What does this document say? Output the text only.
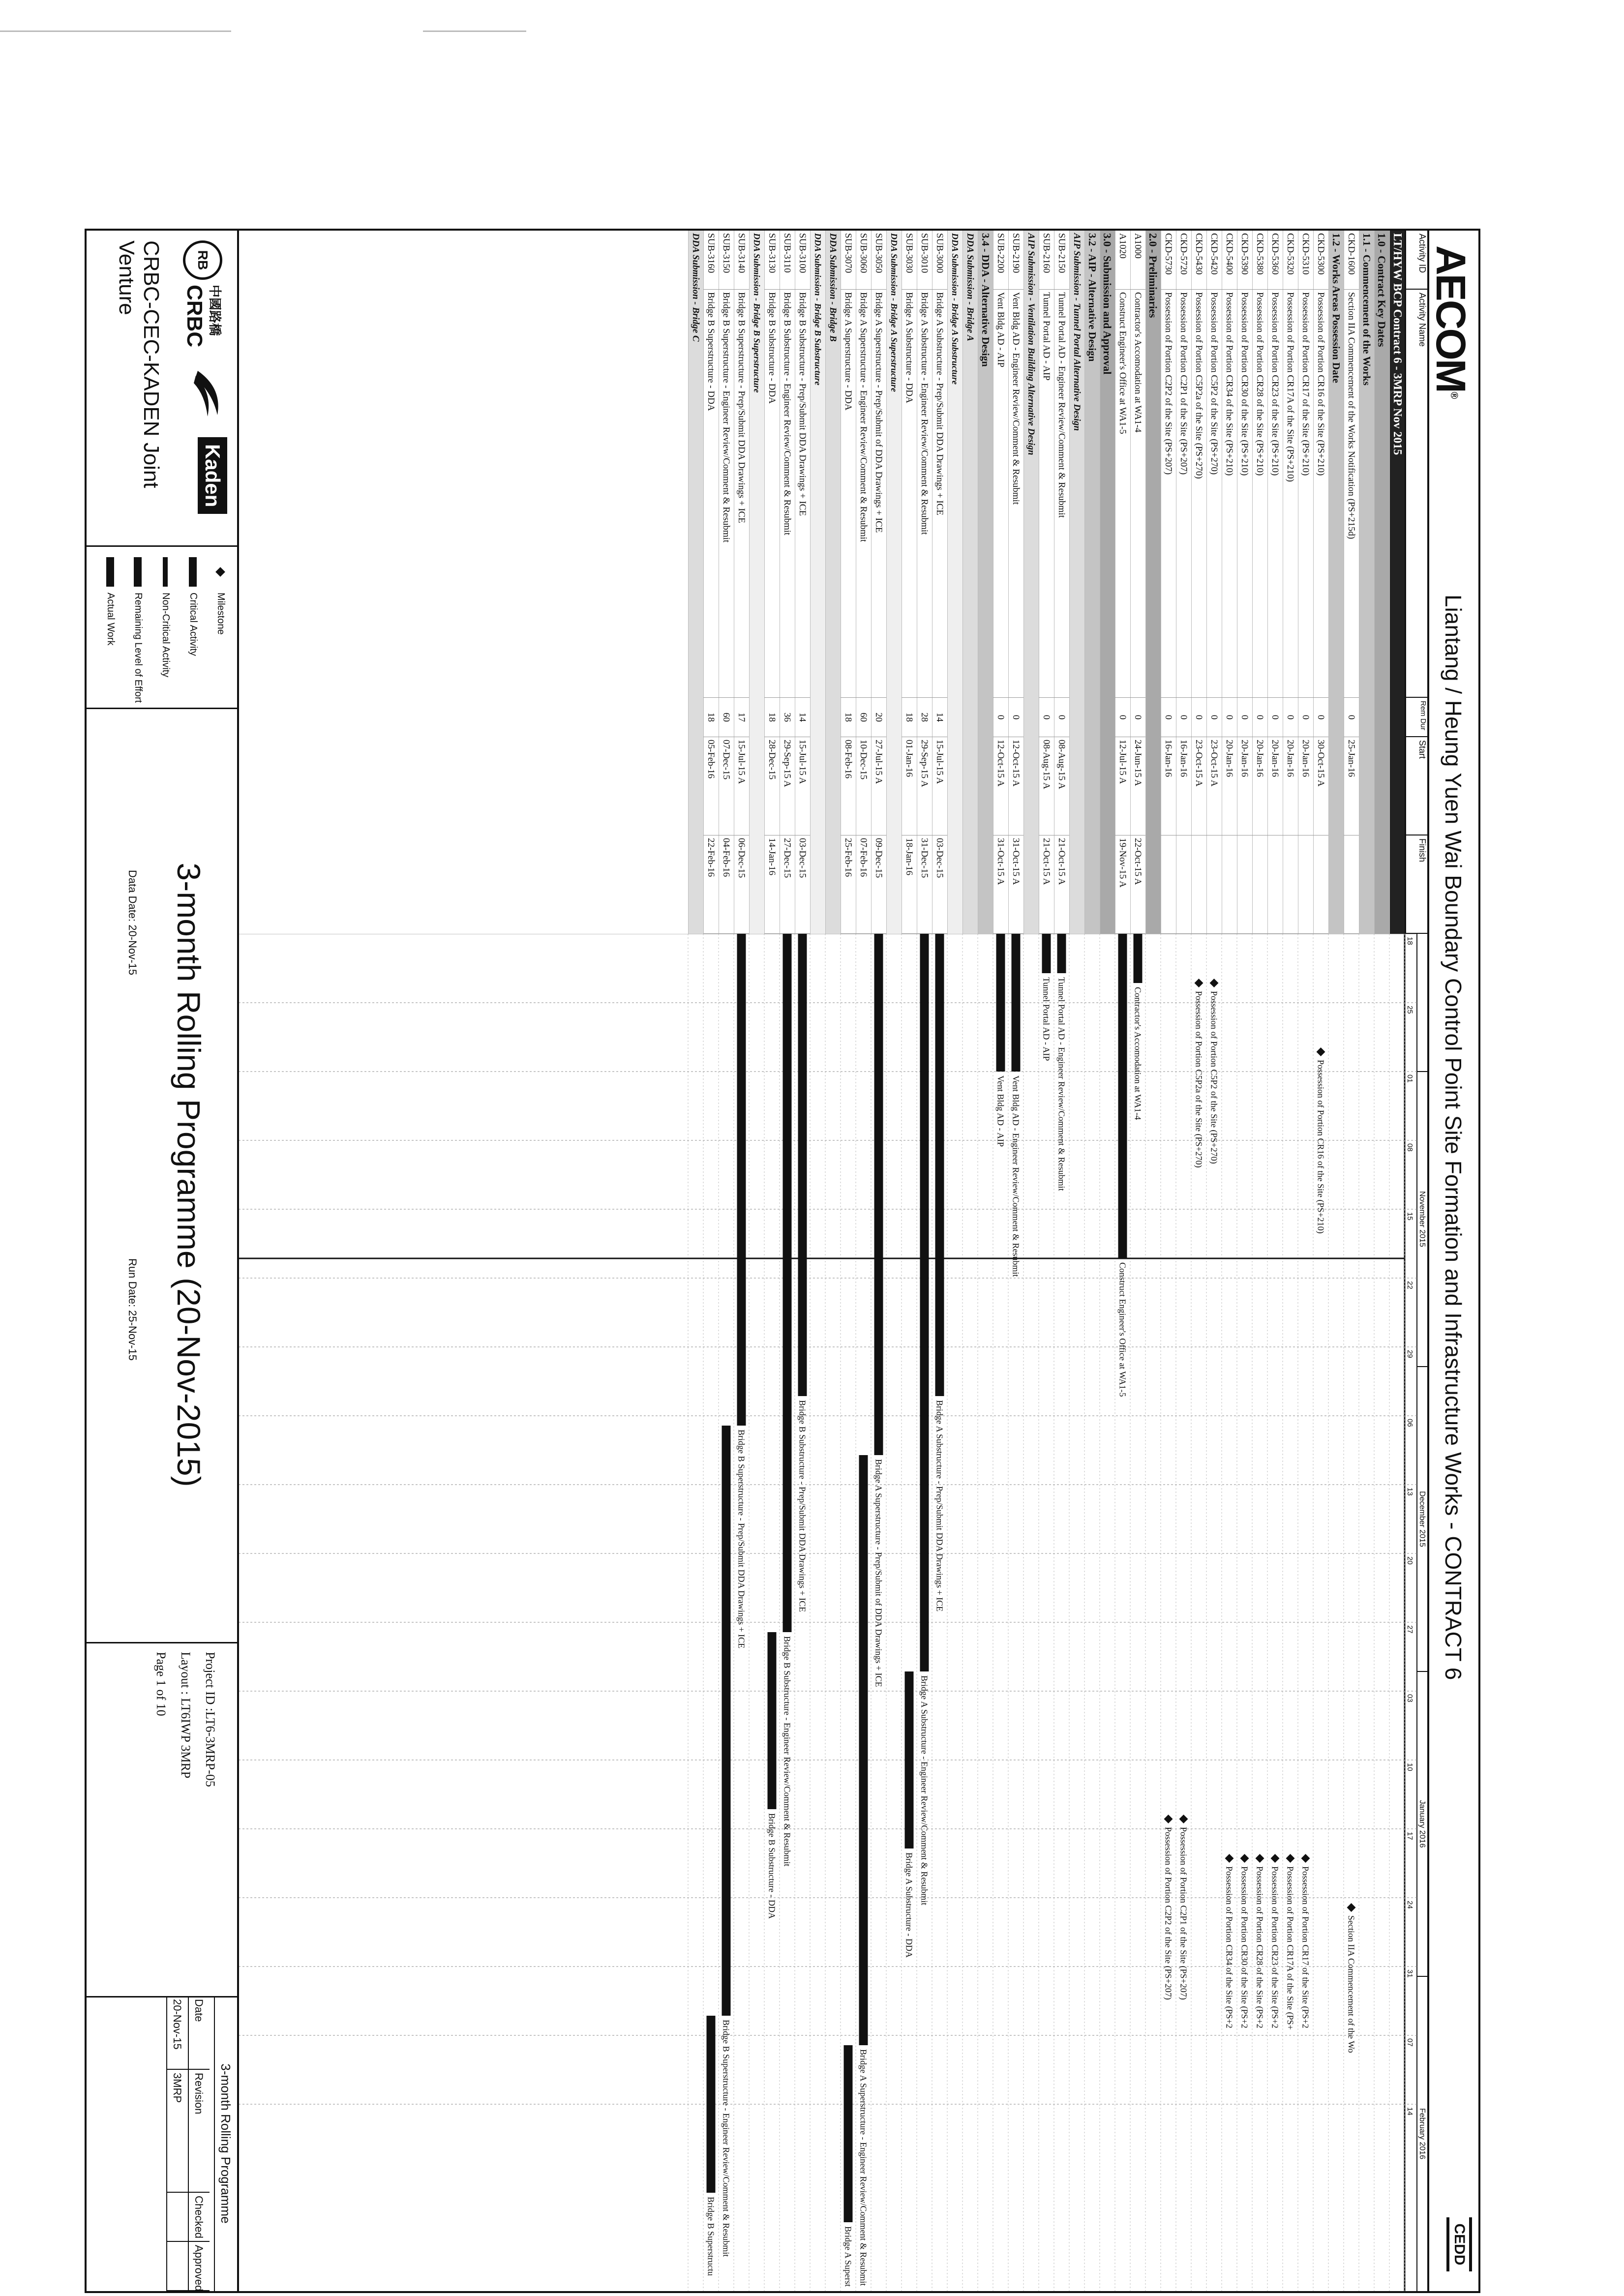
AECOM®
Liantang / Heung Yuen Wai Boundary Control Point Site Formation and Infrastructure Works - CONTRACT 6
CEDD
Activity ID
Activity Name
Rem Dur
Start
Finish
LT/HYW BCP Contract 6 - 3MRP Nov 2015
1.0 - Contract Key Dates
1.1 - Commencement of the Works
CKD-1600
Section IIA Commencement of the Works Notification (PS+215d)
0
25-Jan-16
1.2 - Works Areas Possession Date
CKD-5300
Possession of Portion CR16 of the Site (PS+210)
0
30-Oct-15 A
CKD-5310
Possession of Portion CR17 of the Site (PS+210)
0
20-Jan-16
CKD-5320
Possession of Portion CR17A of the Site (PS+210)
0
20-Jan-16
CKD-5360
Possession of Portion CR23 of the Site (PS+210)
0
20-Jan-16
CKD-5380
Possession of Portion CR28 of the Site (PS+210)
0
20-Jan-16
CKD-5390
Possession of Portion CR30 of the Site (PS+210)
0
20-Jan-16
CKD-5400
Possession of Portion CR34 of the Site (PS+210)
0
20-Jan-16
CKD-5420
Possession of Portion C5P2 of the Site (PS+270)
0
23-Oct-15 A
CKD-5430
Possession of Portion C5P2a of the Site (PS+270)
0
23-Oct-15 A
CKD-5720
Possession of Portion C2P1 of the Site (PS+207)
0
16-Jan-16
CKD-5730
Possession of Portion C2P2 of the Site (PS+207)
0
16-Jan-16
2.0 - Preliminaries
A1000
Contractor's Accomodation at WA1-4
0
24-Jun-15 A
22-Oct-15 A
A1020
Construct Engineer's Office at WA1-5
0
12-Jul-15 A
19-Nov-15 A
3.0 - Submission and Approval
3.2 - AIP - Alternative Design
AIP Submission - Tunnel Portal Alternative Design
SUB-2150
Tunnel Portal AD - Engineer Review/Comment & Resubmit
0
08-Aug-15 A
21-Oct-15 A
SUB-2160
Tunnel Portal AD - AIP
0
08-Aug-15 A
21-Oct-15 A
AIP Submission - Ventilation Building Alternative Design
SUB-2190
Vent Bldg AD - Engineer Review/Comment & Resubmit
0
12-Oct-15 A
31-Oct-15 A
SUB-2200
Vent Bldg AD - AIP
0
12-Oct-15 A
31-Oct-15 A
3.4 - DDA - Alternative Design
DDA Submission - Bridge A
DDA Submission - Bridge A Substructure
SUB-3000
Bridge A Substructure - Prep/Submit DDA Drawings + ICE
14
15-Jul-15 A
03-Dec-15
SUB-3010
Bridge A Substructure - Engineer Review/Comment & Resubmit
28
29-Sep-15 A
31-Dec-15
SUB-3030
Bridge A Substructure - DDA
18
01-Jan-16
18-Jan-16
DDA Submission - Bridge A Superstructure
SUB-3050
Bridge A Superstructure - Prep/Submit of DDA Drawings + ICE
20
27-Jul-15 A
09-Dec-15
SUB-3060
Bridge A Superstructure - Engineer Review/Comment & Resubmit
60
10-Dec-15
07-Feb-16
SUB-3070
Bridge A Superstructure - DDA
18
08-Feb-16
25-Feb-16
DDA Submission - Bridge B
DDA Submission - Bridge B Substructure
SUB-3100
Bridge B Substructure - Prep/Submit DDA Drawings + ICE
14
15-Jul-15 A
03-Dec-15
SUB-3110
Bridge B Substructure - Engineer Review/Comment & Resubmit
36
29-Sep-15 A
27-Dec-15
SUB-3130
Bridge B Substructure - DDA
18
28-Dec-15
14-Jan-16
DDA Submission - Bridge B Superstructure
SUB-3140
Bridge B Superstructure - Prep/Submit DDA Drawings + ICE
17
15-Jul-15 A
06-Dec-15
SUB-3150
Bridge B Superstructure - Engineer Review/Comment & Resubmit
60
07-Dec-15
04-Feb-16
SUB-3160
Bridge B Superstructure - DDA
18
05-Feb-16
22-Feb-16
DDA Submission - Bridge C
November 2015
December 2015
January 2016
February 2016
18
25
01
08
15
22
29
06
13
20
27
03
10
17
24
31
07
14
Section IIA Commencement of the Wo
Possession of Portion CR16 of the Site (PS+210)
Possession of Portion CR17 of the Site (PS+2
Possession of Portion CR17A of the Site (PS+
Possession of Portion CR23 of the Site (PS+2
Possession of Portion CR28 of the Site (PS+2
Possession of Portion CR30 of the Site (PS+2
Possession of Portion CR34 of the Site (PS+2
Possession of Portion C5P2 of the Site (PS+270)
Possession of Portion C5P2a of the Site (PS+270)
Possession of Portion C2P1 of the Site (PS+207)
Possession of Portion C2P2 of the Site (PS+207)
Contractor's Accomodation at WA1-4
Construct Engineer's Office at WA1-5
Tunnel Portal AD - Engineer Review/Comment & Resubmit
Tunnel Portal AD - AIP
Vent Bldg AD - Engineer Review/Comment & Resubmit
Vent Bldg AD - AIP
Bridge A Substructure - Prep/Submit DDA Drawings + ICE
Bridge A Substructure - Engineer Review/Comment & Resubmit
Bridge A Substructure - DDA
Bridge A Superstructure - Prep/Submit of DDA Drawings + ICE
Bridge A Superstructure - Engineer Review/Comment & Resubmit
Bridge A Superst
Bridge B Substructure - Prep/Submit DDA Drawings + ICE
Bridge B Substructure - Engineer Review/Comment & Resubmit
Bridge B Substructure - DDA
Bridge B Superstructure - Prep/Submit DDA Drawings + ICE
Bridge B Superstructure - Engineer Review/Comment & Resubmit
Bridge B Superstructu
RB
中國路橋
CRBC
Kaden
CRBC-CEC-KADEN Joint Venture
Milestone
Critical Activity
Non-Critical Activity
Remaining Level of Effort
Actual Work
3-month Rolling Programme (20-Nov-2015)
Data Date: 20-Nov-15
Run Date: 25-Nov-15
Project ID :LT6-3MRP-05
Layout : LT6IWP 3MRP
Page 1 of 10
3-month Rolling Programme
Date
Revision
Checked
Approved
20-Nov-15
3MRP
